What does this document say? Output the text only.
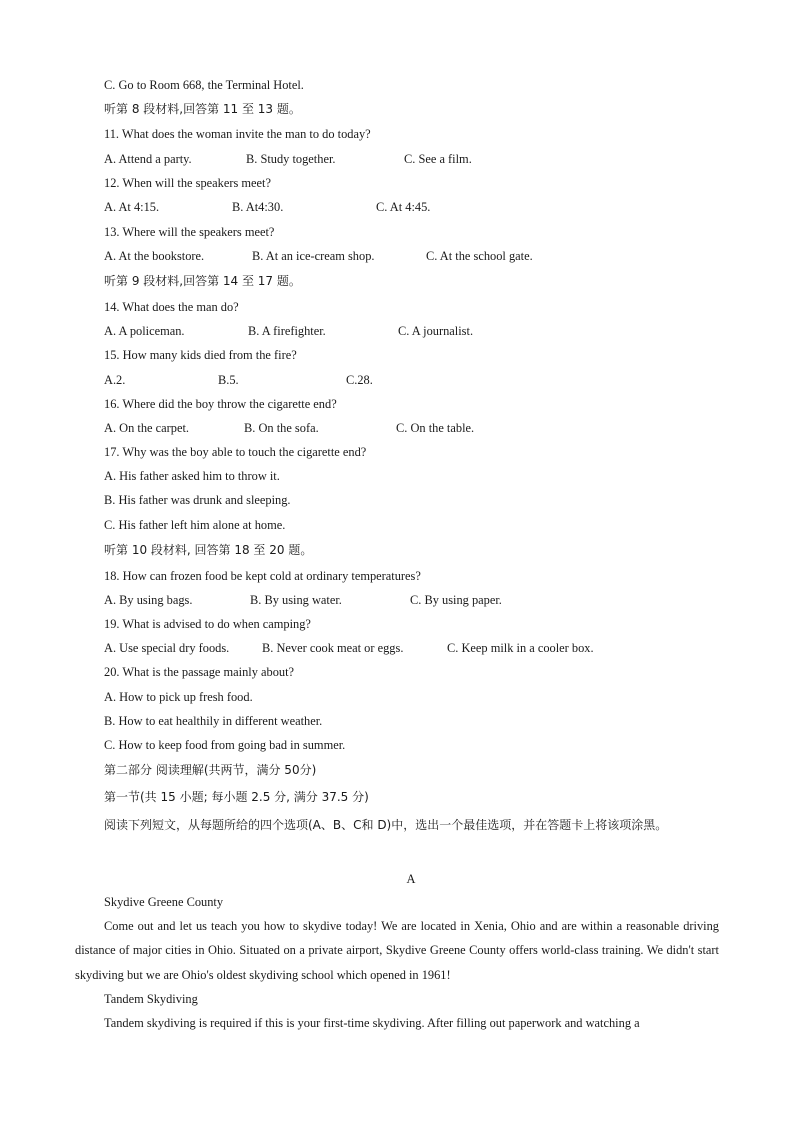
C. Go to Room 668, the Terminal Hotel.
听第 8 段材料,回答第 11 至 13 题。
11. What does the woman invite the man to do today?
A. Attend a party.	B. Study together.	C. See a film.
12. When will the speakers meet?
A. At 4:15.	B. At4:30.	C. At 4:45.
13. Where will the speakers meet?
A. At the bookstore.	B. At an ice-cream shop.	C. At the school gate.
听第 9 段材料,回答第 14 至 17 题。
14. What does the man do?
A. A policeman.	B. A firefighter.	C. A journalist.
15. How many kids died from the fire?
A.2.	B.5.	C.28.
16. Where did the boy throw the cigarette end?
A. On the carpet.	B. On the sofa.	C. On the table.
17. Why was the boy able to touch the cigarette end?
A. His father asked him to throw it.
B. His father was drunk and sleeping.
C. His father left him alone at home.
听第 10 段材料, 回答第 18 至 20 题。
18. How can frozen food be kept cold at ordinary temperatures?
A. By using bags.	B. By using water.	C. By using paper.
19. What is advised to do when camping?
A. Use special dry foods.	B. Never cook meat or eggs.	C. Keep milk in a cooler box.
20. What is the passage mainly about?
A. How to pick up fresh food.
B. How to eat healthily in different weather.
C. How to keep food from going bad in summer.
第二部分 阅读理解(共两节，满分 50分)
第一节(共 15 小题; 每小题 2.5 分, 满分 37.5 分)
阅读下列短文，从每题所给的四个选项(A、B、C和 D)中，选出一个最佳选项，并在答题卡上将该项涂黑。
A
Skydive Greene County
Come out and let us teach you how to skydive today! We are located in Xenia, Ohio and are within a reasonable driving distance of major cities in Ohio. Situated on a private airport, Skydive Greene County offers world-class training. We didn't start skydiving but we are Ohio's oldest skydiving school which opened in 1961!
Tandem Skydiving
Tandem skydiving is required if this is your first-time skydiving. After filling out paperwork and watching a
